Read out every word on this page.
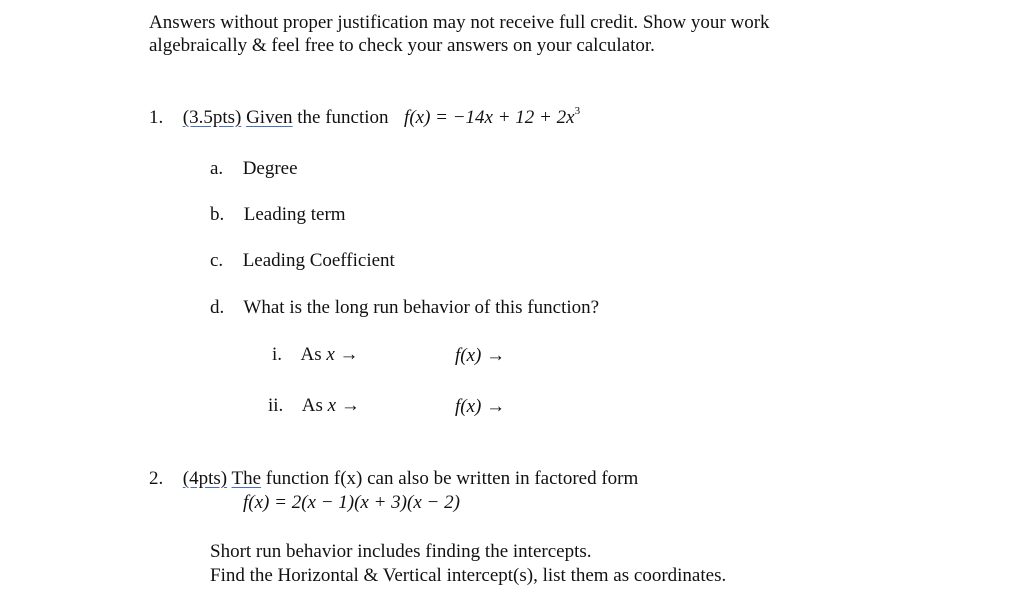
Answers without proper justification may not receive full credit. Show your work
algebraically & feel free to check your answers on your calculator.
1. (3.5pts) Given the function $f(x) = -14x + 12 + 2x^3$
a. Degree
b. Leading term
c. Leading Coefficient
d. What is the long run behavior of this function?
i. As x →	f(x) →
ii. As x →	f(x) →
2. (4pts) The function f(x) can also be written in factored form
f(x) = 2(x − 1)(x + 3)(x − 2)
Short run behavior includes finding the intercepts.
Find the Horizontal & Vertical intercept(s), list them as coordinates.
